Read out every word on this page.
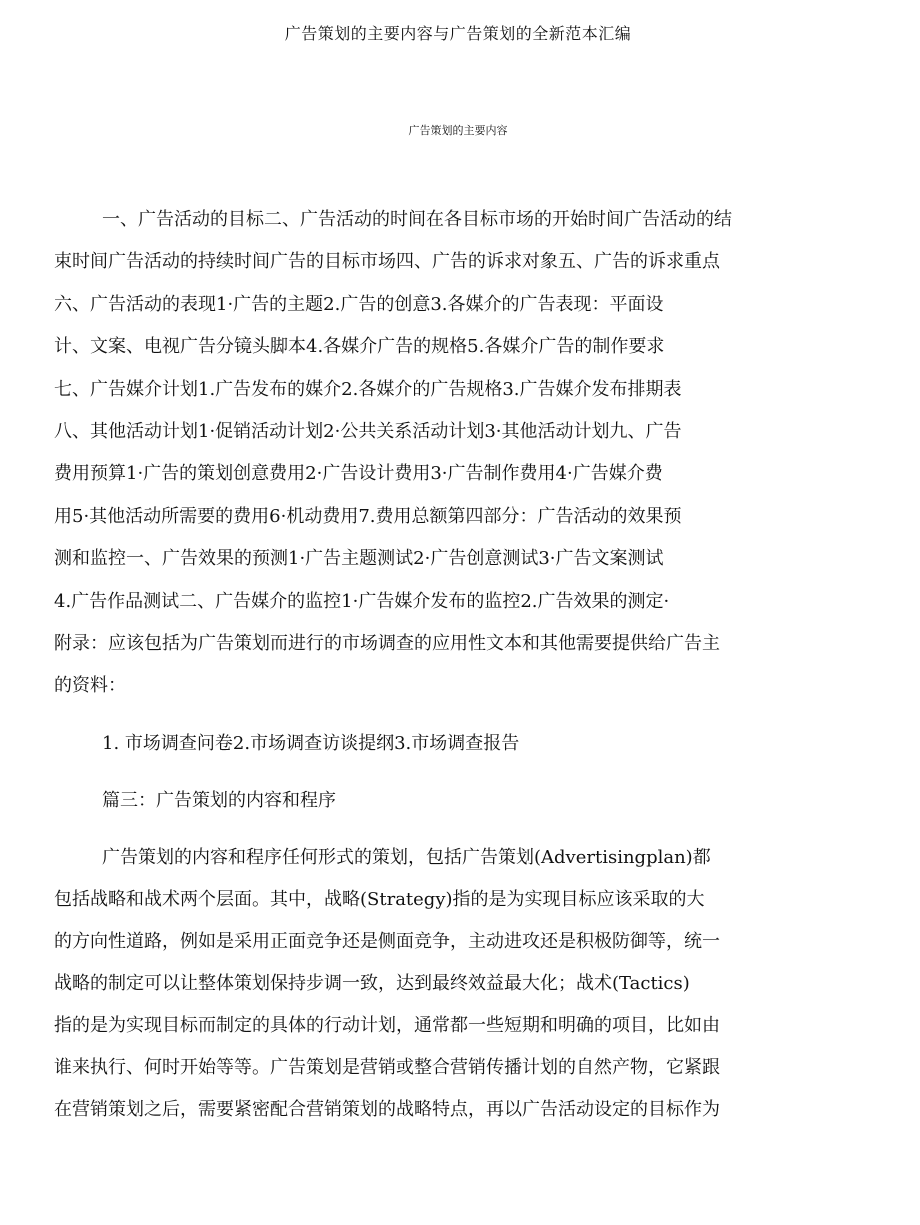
广告策划的主要内容与广告策划的全新范本汇编
广告策划的主要内容
一、广告活动的目标二、广告活动的时间在各目标市场的开始时间广告活动的结
束时间广告活动的持续时间广告的目标市场四、广告的诉求对象五、广告的诉求重点
六、广告活动的表现1·广告的主题2.广告的创意3.各媒介的广告表现：平面设
计、文案、电视广告分镜头脚本4.各媒介广告的规格5.各媒介广告的制作要求
七、广告媒介计划1.广告发布的媒介2.各媒介的广告规格3.广告媒介发布排期表
八、其他活动计划1·促销活动计划2·公共关系活动计划3·其他活动计划九、广告
费用预算1·广告的策划创意费用2·广告设计费用3·广告制作费用4·广告媒介费
用5·其他活动所需要的费用6·机动费用7.费用总额第四部分：广告活动的效果预
测和监控一、广告效果的预测1·广告主题测试2·广告创意测试3·广告文案测试
4.广告作品测试二、广告媒介的监控1·广告媒介发布的监控2.广告效果的测定·
附录：应该包括为广告策划而进行的市场调查的应用性文本和其他需要提供给广告主
的资料：
1. 市场调查问卷2.市场调查访谈提纲3.市场调查报告
篇三：广告策划的内容和程序
广告策划的内容和程序任何形式的策划，包括广告策划(Advertisingplan)都
包括战略和战术两个层面。其中，战略(Strategy)指的是为实现目标应该采取的大
的方向性道路，例如是采用正面竞争还是侧面竞争，主动进攻还是积极防御等，统一
战略的制定可以让整体策划保持步调一致，达到最终效益最大化；战术(Tactics)
指的是为实现目标而制定的具体的行动计划，通常都一些短期和明确的项目，比如由
谁来执行、何时开始等等。广告策划是营销或整合营销传播计划的自然产物，它紧跟
在营销策划之后，需要紧密配合营销策划的战略特点，再以广告活动设定的目标作为
